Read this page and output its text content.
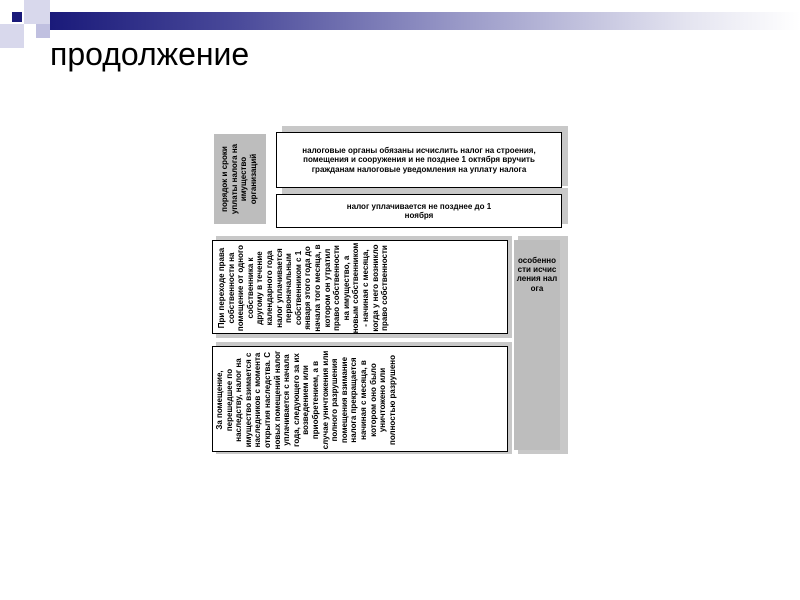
продолжение
порядок и сроки уплаты налога на имущество организаций
налоговые органы обязаны исчислить налог на строения, помещения и сооружения и не позднее 1 октября вручить гражданам налоговые уведомления на уплату налога
налог уплачивается не позднее до 1 ноября
особенности исчисления налога
При переходе права собственности на помещение от одного собственника к другому в течение календарного года налог уплачивается первоначальным собственником с 1 января этого года до начала того месяца, в котором он утратил право собственности на имущество, а новым собственником - начиная с месяца, когда у него возникло право собственности
За помещение, перешедшее по наследству, налог на имущество взимается с наследников с момента открытия наследства. С новых помещений налог уплачивается с начала года, следующего за их возведением или приобретением, а в случае уничтожения или полного разрушения помещения взимание налога прекращается начиная с месяца, в котором оно было уничтожено или полностью разрушено
